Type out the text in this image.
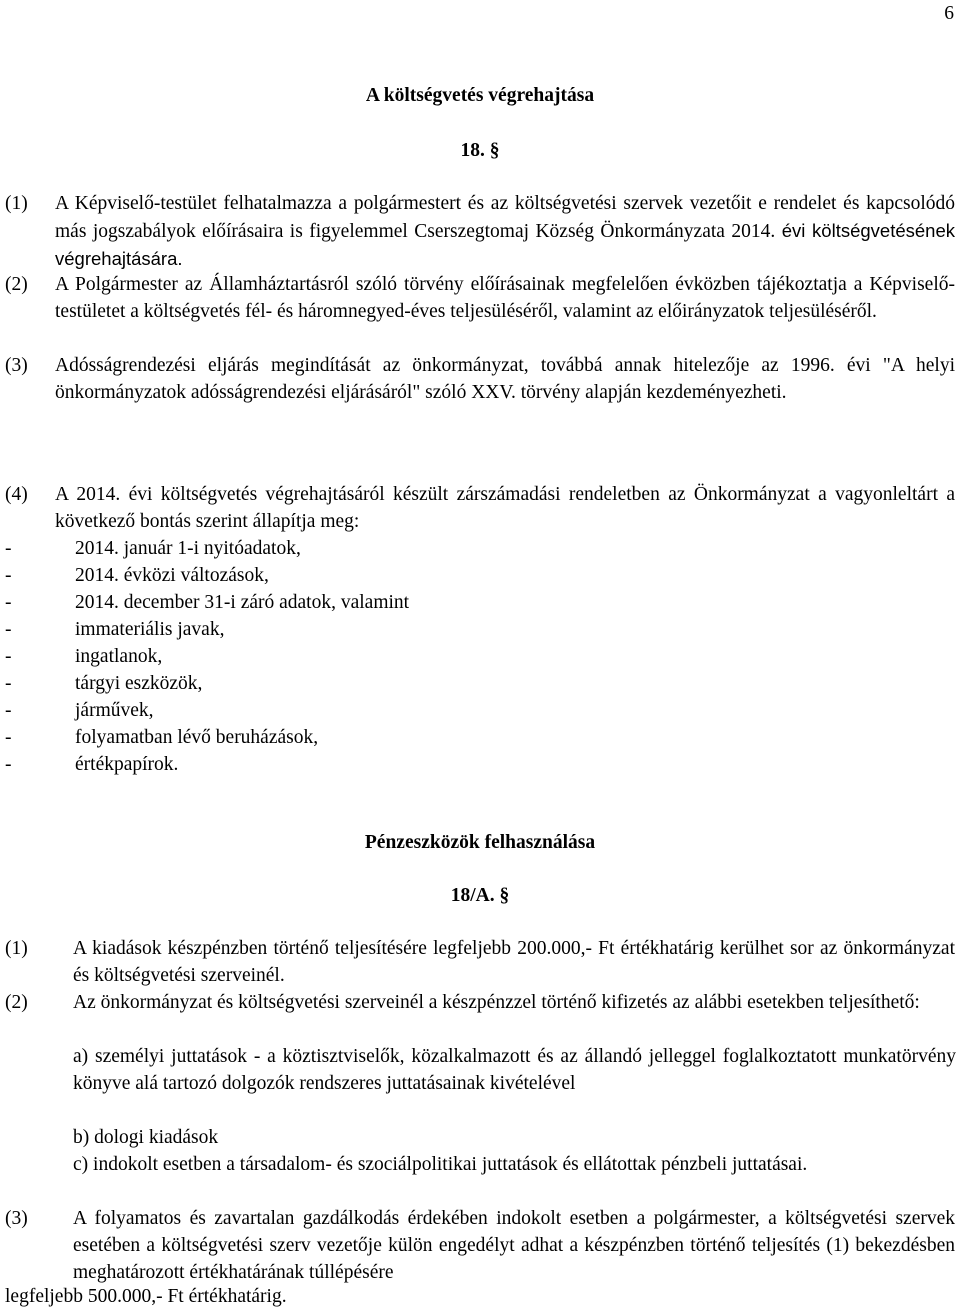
6
A költségvetés végrehajtása
18. §
(1) A Képviselő-testület felhatalmazza a polgármestert és az költségvetési szervek vezetőit e rendelet és kapcsolódó más jogszabályok előírásaira is figyelemmel Cserszegtomaj Község Önkormányzata 2014. évi költségvetésének végrehajtására.
(2) A Polgármester az Államháztartásról szóló törvény előírásainak megfelelően évközben tájékoztatja a Képviselő-testületet a költségvetés fél- és háromnegyed-éves teljesüléséről, valamint az előirányzatok teljesüléséről.
(3) Adósságrendezési eljárás megindítását az önkormányzat, továbbá annak hitelezője az 1996. évi "A helyi önkormányzatok adósságrendezési eljárásáról" szóló XXV. törvény alapján kezdeményezheti.
(4) A 2014. évi költségvetés végrehajtásáról készült zárszámadási rendeletben az Önkormányzat a vagyonleltárt a következő bontás szerint állapítja meg:
-	2014. január 1-i nyitóadatok,
-	2014. évközi változások,
-	2014. december 31-i záró adatok, valamint
-	immateriális javak,
-	ingatlanok,
-	tárgyi eszközök,
-	járművek,
-	folyamatban lévő beruházások,
-	értékpapírok.
Pénzeszközök felhasználása
18/A. §
(1) A kiadások készpénzben történő teljesítésére legfeljebb 200.000,- Ft értékhatárig kerülhet sor az önkormányzat és költségvetési szerveinél.
(2) Az önkormányzat és költségvetési szerveinél a készpénzzel történő kifizetés az alábbi esetekben teljesíthető:
a) személyi juttatások - a köztisztviselők, közalkalmazott és az állandó jelleggel foglalkoztatott munkatörvény könyve alá tartozó dolgozók rendszeres juttatásainak kivételével
b) dologi kiadások
c) indokolt esetben a társadalom- és szociálpolitikai juttatások és ellátottak pénzbeli juttatásai.
(3) A folyamatos és zavartalan gazdálkodás érdekében indokolt esetben a polgármester, a költségvetési szervek esetében a költségvetési szerv vezetője külön engedélyt adhat a készpénzben történő teljesítés (1) bekezdésben meghatározott értékhatárának túllépésére
legfeljebb 500.000,- Ft értékhatárig.
